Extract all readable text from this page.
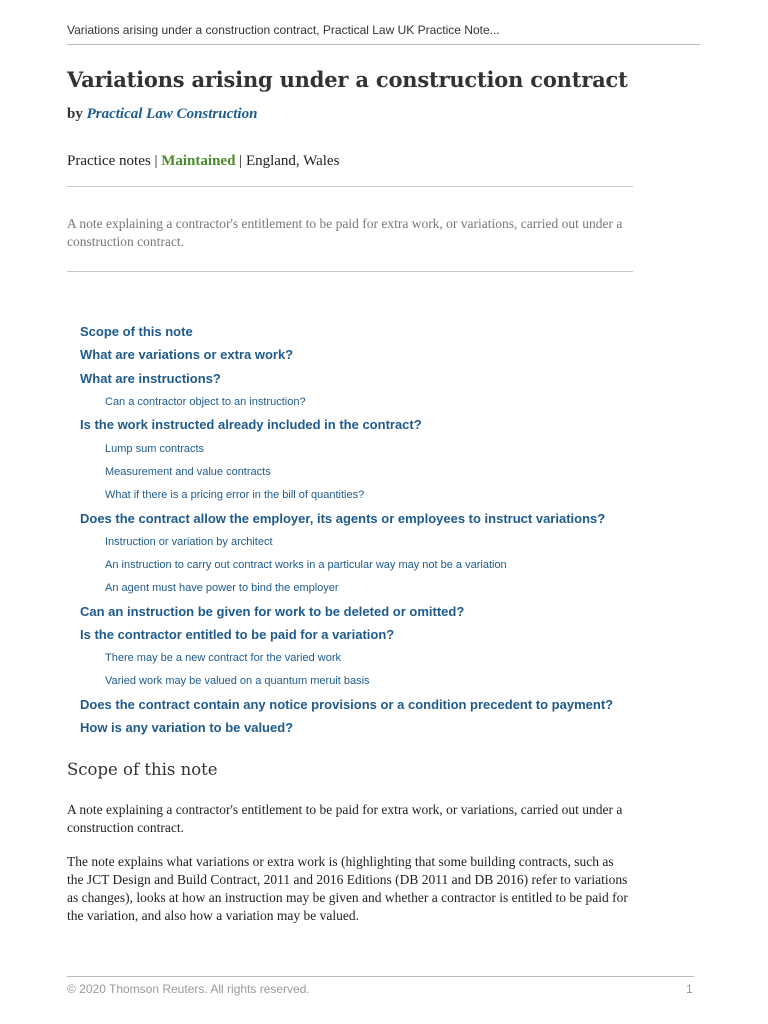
Variations arising under a construction contract, Practical Law UK Practice Note...
Variations arising under a construction contract
by Practical Law Construction
Practice notes | Maintained | England, Wales

A note explaining a contractor's entitlement to be paid for extra work, or variations, carried out under a construction contract.

Scope of this note
What are variations or extra work?
What are instructions?
Can a contractor object to an instruction?
Is the work instructed already included in the contract?
Lump sum contracts
Measurement and value contracts
What if there is a pricing error in the bill of quantities?
Does the contract allow the employer, its agents or employees to instruct variations?
Instruction or variation by architect
An instruction to carry out contract works in a particular way may not be a variation
An agent must have power to bind the employer
Can an instruction be given for work to be deleted or omitted?
Is the contractor entitled to be paid for a variation?
There may be a new contract for the varied work
Varied work may be valued on a quantum meruit basis
Does the contract contain any notice provisions or a condition precedent to payment?
How is any variation to be valued?
Scope of this note

A note explaining a contractor's entitlement to be paid for extra work, or variations, carried out under a construction contract.

The note explains what variations or extra work is (highlighting that some building contracts, such as the JCT Design and Build Contract, 2011 and 2016 Editions (DB 2011 and DB 2016) refer to variations as changes), looks at how an instruction may be given and whether a contractor is entitled to be paid for the variation, and also how a variation may be valued.

© 2020 Thomson Reuters. All rights reserved.	1
